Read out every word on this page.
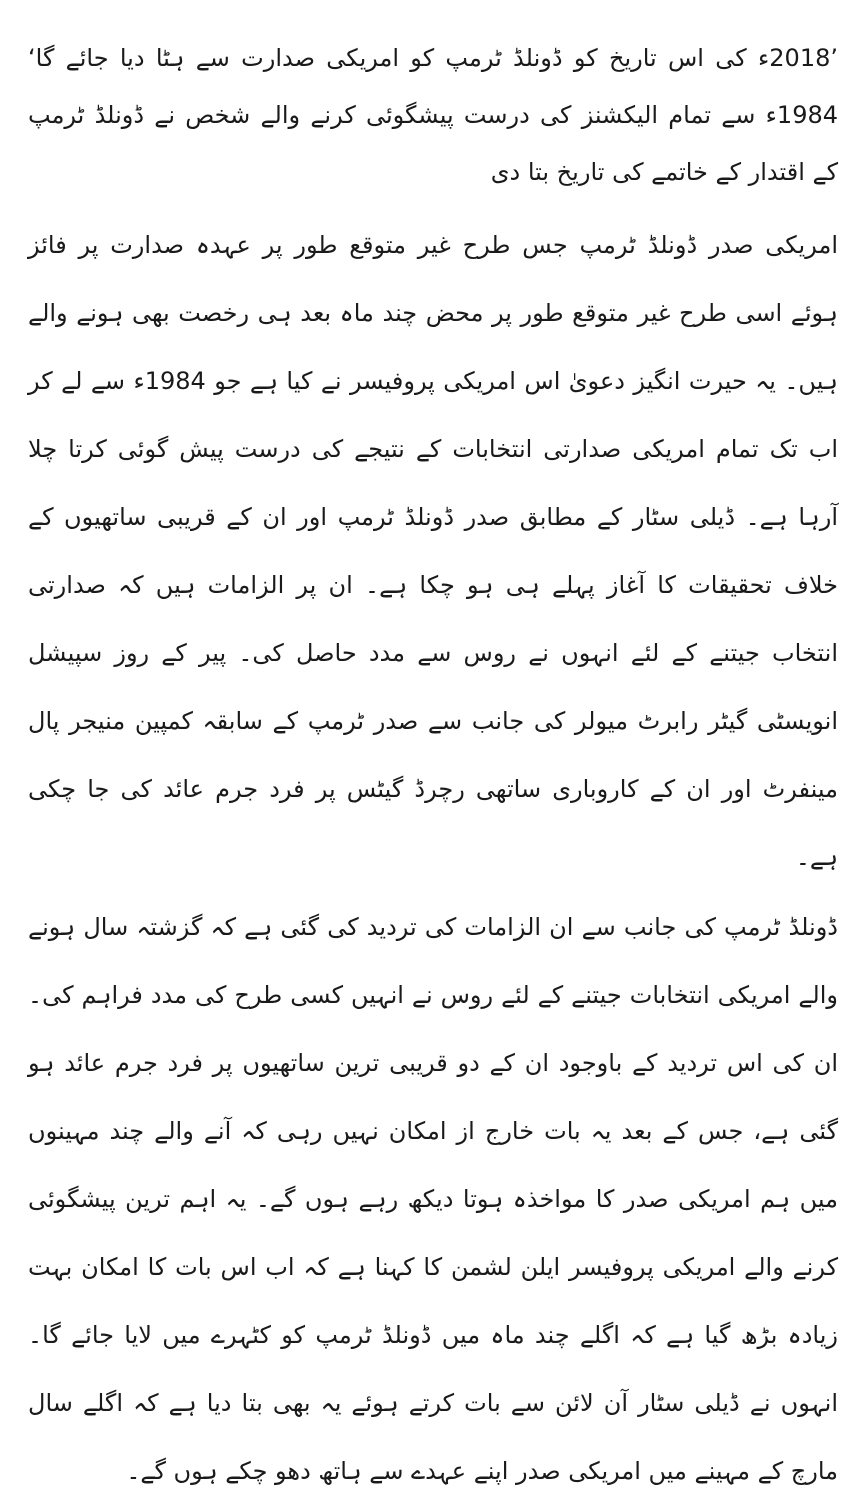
’2018ء کی اس تاریخ کو ڈونلڈ ٹرمپ کو امریکی صدارت سے ہٹا دیا جائے گا‘ 1984ء سے تمام الیکشنز کی درست پیشگوئی کرنے والے شخص نے ڈونلڈ ٹرمپ کے اقتدار کے خاتمے کی تاریخ بتا دی

امریکی صدر ڈونلڈ ٹرمپ جس طرح غیر متوقع طور پر عہدہ صدارت پر فائز ہوئے اسی طرح غیر متوقع طور پر محض چند ماہ بعد ہی رخصت بھی ہونے والے ہیں۔ یہ حیرت انگیز دعویٰ اس امریکی پروفیسر نے کیا ہے جو 1984ء سے لے کر اب تک تمام امریکی صدارتی انتخابات کے نتیجے کی درست پیش گوئی کرتا چلا آرہا ہے۔ ڈیلی سٹار کے مطابق صدر ڈونلڈ ٹرمپ اور ان کے قریبی ساتھیوں کے خلاف تحقیقات کا آغاز پہلے ہی ہو چکا ہے۔ ان پر الزامات ہیں کہ صدارتی انتخاب جیتنے کے لئے انہوں نے روس سے مدد حاصل کی۔ پیر کے روز سپیشل انویسٹی گیٹر رابرٹ میولر کی جانب سے صدر ٹرمپ کے سابقہ کمپین منیجر پال مینفرٹ اور ان کے کاروباری ساتھی رچرڈ گیٹس پر فرد جرم عائد کی جا چکی ہے۔

ڈونلڈ ٹرمپ کی جانب سے ان الزامات کی تردید کی گئی ہے کہ گزشتہ سال ہونے والے امریکی انتخابات جیتنے کے لئے روس نے انہیں کسی طرح کی مدد فراہم کی۔ ان کی اس تردید کے باوجود ان کے دو قریبی ترین ساتھیوں پر فرد جرم عائد ہو گئی ہے، جس کے بعد یہ بات خارج از امکان نہیں رہی کہ آنے والے چند مہینوں میں ہم امریکی صدر کا مواخذہ ہوتا دیکھ رہے ہوں گے۔ یہ اہم ترین پیشگوئی کرنے والے امریکی پروفیسر ایلن لشمن کا کہنا ہے کہ اب اس بات کا امکان بہت زیادہ بڑھ گیا ہے کہ اگلے چند ماہ میں ڈونلڈ ٹرمپ کو کٹہرے میں لایا جائے گا۔ انہوں نے ڈیلی سٹار آن لائن سے بات کرتے ہوئے یہ بھی بتا دیا ہے کہ اگلے سال مارچ کے مہینے میں امریکی صدر اپنے عہدے سے ہاتھ دھو چکے ہوں گے۔
